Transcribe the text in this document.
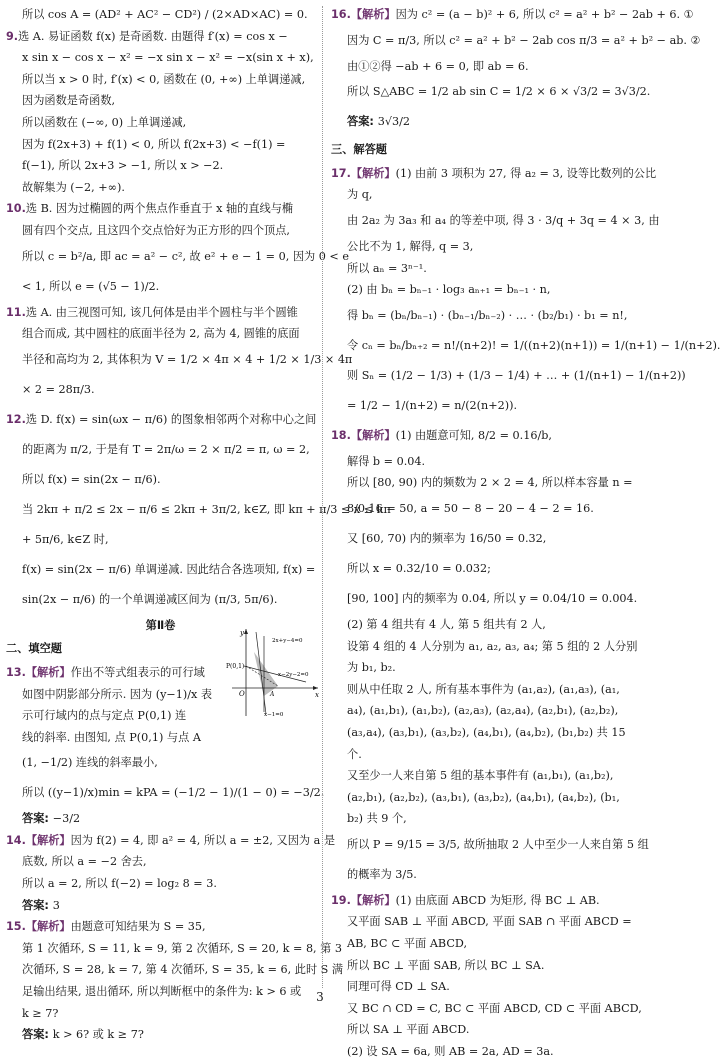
所以 cos A = (AD² + AC² − CD²) / (2×AD×AC) = 0.
9.选 A. 易证函数 f(x) 是奇函数. 由题得 f′(x) = cos x −
x sin x − cos x − x² = −x sin x − x² = −x(sin x + x),
所以当 x > 0 时, f′(x) < 0, 函数在 (0, +∞) 上单调递减,
因为函数是奇函数,
所以函数在 (−∞, 0) 上单调递减,
因为 f(2x+3) + f(1) < 0, 所以 f(2x+3) < −f(1) =
f(−1), 所以 2x+3 > −1, 所以 x > −2.
故解集为 (−2, +∞).
10.选 B. 因为过椭圆的两个焦点作垂直于 x 轴的直线与椭
圆有四个交点, 且这四个交点恰好为正方形的四个顶点,
所以 c = b²/a, 即 ac = a² − c², 故 e² + e − 1 = 0, 因为 0 < e
< 1, 所以 e = (√5 − 1)/2.
11.选 A. 由三视图可知, 该几何体是由半个圆柱与半个圆锥
组合而成, 其中圆柱的底面半径为 2, 高为 4, 圆锥的底面
半径和高均为 2, 其体积为 V = 1/2 × 4π × 4 + 1/2 × 1/3 × 4π
× 2 = 28π/3.
12.选 D. f(x) = sin(ωx − π/6) 的图象相邻两个对称中心之间
的距离为 π/2, 于是有 T = 2π/ω = 2 × π/2 = π, ω = 2,
所以 f(x) = sin(2x − π/6).
当 2kπ + π/2 ≤ 2x − π/6 ≤ 2kπ + 3π/2, k∈Z, 即 kπ + π/3 ≤ x ≤ kπ
+ 5π/6, k∈Z 时,
f(x) = sin(2x − π/6) 单调递减. 因此结合各选项知, f(x) =
sin(2x − π/6) 的一个单调递减区间为 (π/3, 5π/6).
第Ⅱ卷
二、填空题
13.【解析】作出不等式组表示的可行域
如图中阴影部分所示. 因为 (y−1)/x 表
示可行域内的点与定点 P(0,1) 连
线的斜率. 由图知, 点 P(0,1) 与点 A
(1, −1/2) 连线的斜率最小,
所以 ((y−1)/x)min = kPA = (−1/2 − 1)/(1 − 0) = −3/2.
答案: −3/2
14.【解析】因为 f(2) = 4, 即 a² = 4, 所以 a = ±2, 又因为 a 是
底数, 所以 a = −2 舍去,
所以 a = 2, 所以 f(−2) = log₂ 8 = 3.
答案: 3
15.【解析】由题意可知结果为 S = 35,
第 1 次循环, S = 11, k = 9, 第 2 次循环, S = 20, k = 8, 第 3
次循环, S = 28, k = 7, 第 4 次循环, S = 35, k = 6, 此时 S 满
足输出结果, 退出循环, 所以判断框中的条件为: k > 6 或
k ≥ 7?
答案: k > 6? 或 k ≥ 7?
16.【解析】因为 c² = (a − b)² + 6, 所以 c² = a² + b² − 2ab + 6. ①
因为 C = π/3, 所以 c² = a² + b² − 2ab cos π/3 = a² + b² − ab. ②
由①②得 −ab + 6 = 0, 即 ab = 6.
所以 S△ABC = 1/2 ab sin C = 1/2 × 6 × √3/2 = 3√3/2.
答案: 3√3/2
三、解答题
17.【解析】(1) 由前 3 项积为 27, 得 a₂ = 3, 设等比数列的公比
为 q,
由 2a₂ 为 3a₃ 和 a₄ 的等差中项, 得 3 · 3/q + 3q = 4 × 3, 由
公比不为 1, 解得, q = 3,
所以 aₙ = 3ⁿ⁻¹.
(2) 由 bₙ = bₙ₋₁ · log₃ aₙ₊₁ = bₙ₋₁ · n,
得 bₙ = (bₙ/bₙ₋₁) · (bₙ₋₁/bₙ₋₂) · … · (b₂/b₁) · b₁ = n!,
令 cₙ = bₙ/bₙ₊₂ = n!/(n+2)! = 1/((n+2)(n+1)) = 1/(n+1) − 1/(n+2).
则 Sₙ = (1/2 − 1/3) + (1/3 − 1/4) + … + (1/(n+1) − 1/(n+2))
= 1/2 − 1/(n+2) = n/(2(n+2)).
18.【解析】(1) 由题意可知, 8/2 = 0.16/b,
解得 b = 0.04.
所以 [80, 90) 内的频数为 2 × 2 = 4, 所以样本容量 n =
8/0.16 = 50, a = 50 − 8 − 20 − 4 − 2 = 16.
又 [60, 70) 内的频率为 16/50 = 0.32,
所以 x = 0.32/10 = 0.032;
[90, 100] 内的频率为 0.04, 所以 y = 0.04/10 = 0.004.
(2) 第 4 组共有 4 人, 第 5 组共有 2 人,
设第 4 组的 4 人分别为 a₁, a₂, a₃, a₄; 第 5 组的 2 人分别
为 b₁, b₂.
则从中任取 2 人, 所有基本事件为 (a₁,a₂), (a₁,a₃), (a₁,
a₄), (a₁,b₁), (a₁,b₂), (a₂,a₃), (a₂,a₄), (a₂,b₁), (a₂,b₂),
(a₃,a₄), (a₃,b₁), (a₃,b₂), (a₄,b₁), (a₄,b₂), (b₁,b₂) 共 15
个.
又至少一人来自第 5 组的基本事件有 (a₁,b₁), (a₁,b₂),
(a₂,b₁), (a₂,b₂), (a₃,b₁), (a₃,b₂), (a₄,b₁), (a₄,b₂), (b₁,
b₂) 共 9 个,
所以 P = 9/15 = 3/5, 故所抽取 2 人中至少一人来自第 5 组
的概率为 3/5.
19.【解析】(1) 由底面 ABCD 为矩形, 得 BC ⊥ AB.
又平面 SAB ⊥ 平面 ABCD, 平面 SAB ∩ 平面 ABCD =
AB, BC ⊂ 平面 ABCD,
所以 BC ⊥ 平面 SAB, 所以 BC ⊥ SA.
同理可得 CD ⊥ SA.
又 BC ∩ CD = C, BC ⊂ 平面 ABCD, CD ⊂ 平面 ABCD,
所以 SA ⊥ 平面 ABCD.
(2) 设 SA = 6a, 则 AB = 2a, AD = 3a.
y
x
O
P(0,1)
A
2x+y−4=0
x−2y−2=0
x−1=0
3
